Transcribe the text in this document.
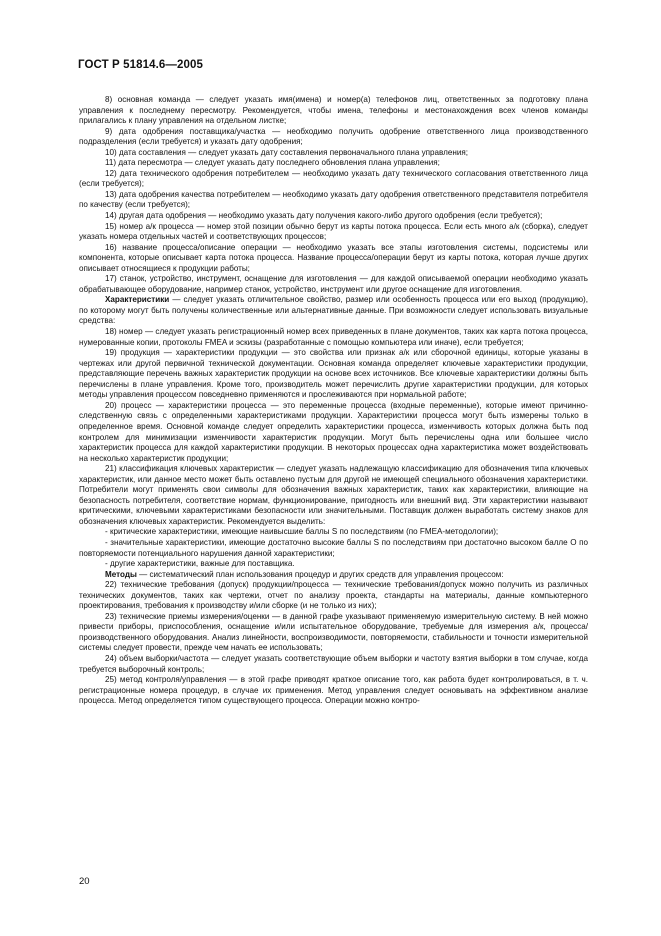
ГОСТ Р 51814.6—2005

8) основная команда — следует указать имя(имена) и номер(а) телефонов лиц, ответственных за подготовку плана управления к последнему пересмотру. Рекомендуется, чтобы имена, телефоны и местонахождения всех членов команды прилагались к плану управления на отдельном листке;

9) дата одобрения поставщика/участка — необходимо получить одобрение ответственного лица производственного подразделения (если требуется) и указать дату одобрения;

10) дата составления — следует указать дату составления первоначального плана управления;

11) дата пересмотра — следует указать дату последнего обновления плана управления;

12) дата технического одобрения потребителем — необходимо указать дату технического согласования ответственного лица (если требуется);

13) дата одобрения качества потребителем — необходимо указать дату одобрения ответственного представителя потребителя по качеству (если требуется);

14) другая дата одобрения — необходимо указать дату получения какого-либо другого одобрения (если требуется);

15) номер а/к процесса — номер этой позиции обычно берут из карты потока процесса. Если есть много а/к (сборка), следует указать номера отдельных частей и соответствующих процессов;

16) название процесса/описание операции — необходимо указать все этапы изготовления системы, подсистемы или компонента, которые описывает карта потока процесса. Название процесса/операции берут из карты потока, которая лучше других описывает относящиеся к продукции работы;

17) станок, устройство, инструмент, оснащение для изготовления — для каждой описываемой операции необходимо указать обрабатывающее оборудование, например станок, устройство, инструмент или другое оснащение для изготовления.

Характеристики — следует указать отличительное свойство, размер или особенность процесса или его выход (продукцию), по которому могут быть получены количественные или альтернативные данные. При возможности следует использовать визуальные средства:

18) номер — следует указать регистрационный номер всех приведенных в плане документов, таких как карта потока процесса, нумерованные копии, протоколы FMEA и эскизы (разработанные с помощью компьютера или иначе), если требуется;

19) продукция — характеристики продукции — это свойства или признак а/к или сборочной единицы, которые указаны в чертежах или другой первичной технической документации. Основная команда определяет ключевые характеристики продукции, представляющие перечень важных характеристик продукции на основе всех источников. Все ключевые характеристики должны быть перечислены в плане управления. Кроме того, производитель может перечислить другие характеристики продукции, для которых методы управления процессом повседневно применяются и прослеживаются при нормальной работе;

20) процесс — характеристики процесса — это переменные процесса (входные переменные), которые имеют причинно-следственную связь с определенными характеристиками продукции. Характеристики процесса могут быть измерены только в определенное время. Основной команде следует определить характеристики процесса, изменчивость которых должна быть под контролем для минимизации изменчивости характеристик продукции. Могут быть перечислены одна или большее число характеристик процесса для каждой характеристики продукции. В некоторых процессах одна характеристика может воздействовать на несколько характеристик продукции;

21) классификация ключевых характеристик — следует указать надлежащую классификацию для обозначения типа ключевых характеристик, или данное место может быть оставлено пустым для другой не имеющей специального обозначения характеристики. Потребители могут применять свои символы для обозначения важных характеристик, таких как характеристики, влияющие на безопасность потребителя, соответствие нормам, функционирование, пригодность или внешний вид. Эти характеристики называют критическими, ключевыми характеристиками безопасности или значительными. Поставщик должен выработать систему знаков для обозначения ключевых характеристик. Рекомендуется выделить:

- критические характеристики, имеющие наивысшие баллы S по последствиям (по FMEA-методологии);

- значительные характеристики, имеющие достаточно высокие баллы S по последствиям при достаточно высоком балле О по повторяемости потенциального нарушения данной характеристики;

- другие характеристики, важные для поставщика.

Методы — систематический план использования процедур и других средств для управления процессом:

22) технические требования (допуск) продукции/процесса — технические требования/допуск можно получить из различных технических документов, таких как чертежи, отчет по анализу проекта, стандарты на материалы, данные компьютерного проектирования, требования к производству и/или сборке (и не только из них);

23) технические приемы измерения/оценки — в данной графе указывают применяемую измерительную систему. В ней можно привести приборы, приспособления, оснащение и/или испытательное оборудование, требуемые для измерения а/к, процесса/производственного оборудования. Анализ линейности, воспроизводимости, повторяемости, стабильности и точности измерительной системы следует провести, прежде чем начать ее использовать;

24) объем выборки/частота — следует указать соответствующие объем выборки и частоту взятия выборки в том случае, когда требуется выборочный контроль;

25) метод контроля/управления — в этой графе приводят краткое описание того, как работа будет контролироваться, в т. ч. регистрационные номера процедур, в случае их применения. Метод управления следует основывать на эффективном анализе процесса. Метод определяется типом существующего процесса. Операции можно контро-

20
